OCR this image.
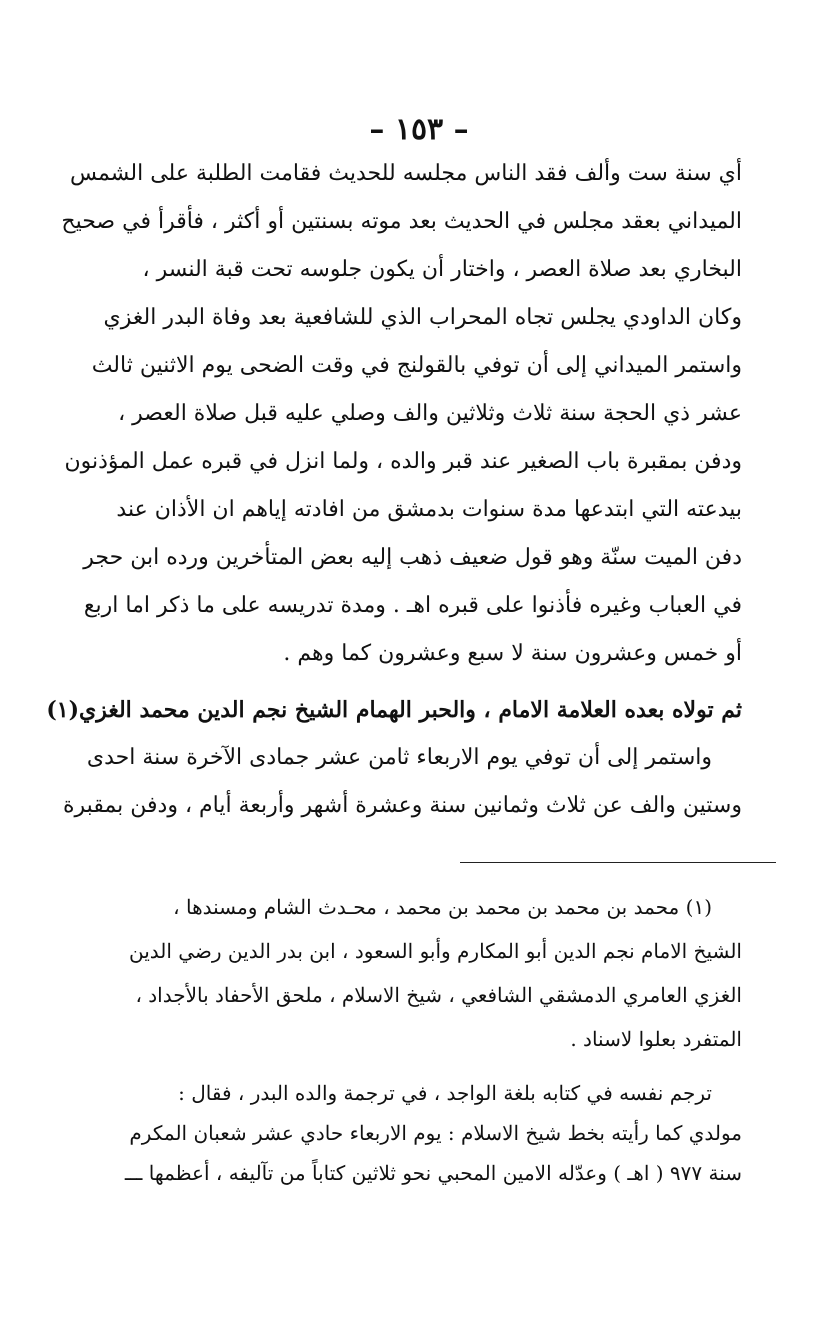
– ١٥٣ –
أي سنة ست وألف فقد الناس مجلسه للحديث فقامت الطلبة على الشمس
الميداني بعقد مجلس في الحديث بعد موته بسنتين أو أكثر ، فأقرأ في صحيح
البخاري بعد صلاة العصر ، واختار أن يكون جلوسه تحت قبة النسر ،
وكان الداودي يجلس تجاه المحراب الذي للشافعية بعد وفاة البدر الغزي
واستمر الميداني إلى أن توفي بالقولنج في وقت الضحى يوم الاثنين ثالث
عشر ذي الحجة سنة ثلاث وثلاثين والف وصلي عليه قبل صلاة العصر ،
ودفن بمقبرة باب الصغير عند قبر والده ، ولما انزل في قبره عمل المؤذنون
بيدعته التي ابتدعها مدة سنوات بدمشق من افادته إياهم ان الأذان عند
دفن الميت سنّة وهو قول ضعيف ذهب إليه بعض المتأخرين ورده ابن حجر
في العباب وغيره فأذنوا على قبره اهـ . ومدة تدريسه على ما ذكر اما اربع
أو خمس وعشرون سنة لا سبع وعشرون كما وهم .
ثم تولاه بعده العلامة الامام ، والحبر الهمام الشيخ نجم الدين محمد الغزي(١)
واستمر إلى أن توفي يوم الاربعاء ثامن عشر جمادى الآخرة سنة احدى
وستين والف عن ثلاث وثمانين سنة وعشرة أشهر وأربعة أيام ، ودفن بمقبرة
(١) محمد بن محمد بن محمد بن محمد ، محـدث الشام ومسندها ،
الشيخ الامام نجم الدين أبو المكارم وأبو السعود ، ابن بدر الدين رضي الدين
الغزي العامري الدمشقي الشافعي ، شيخ الاسلام ، ملحق الأحفاد بالأجداد ،
المتفرد بعلوا لاسناد .
ترجم نفسه في كتابه بلغة الواجد ، في ترجمة والده البدر ، فقال :
مولدي كما رأيته بخط شيخ الاسلام : يوم الاربعاء حادي عشر شعبان المكرم
سنة ٩٧٧ ( اهـ ) وعدّله الامين المحبي نحو ثلاثين كتاباً من تآليفه ، أعظمها ـــ
